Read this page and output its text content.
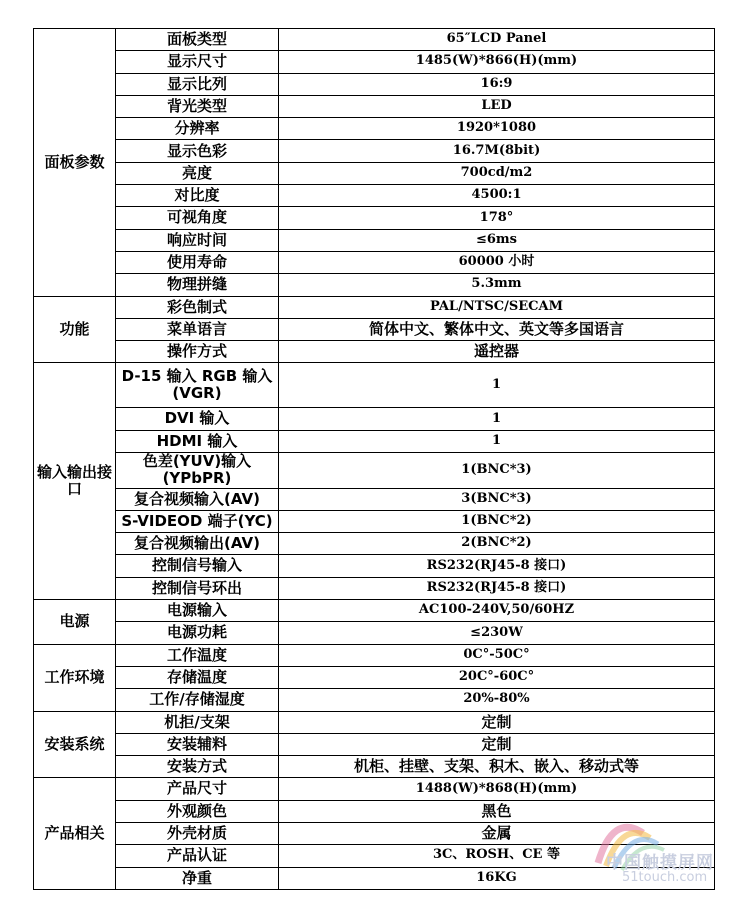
面板参数	面板类型	65″LCD Panel
	显示尺寸	1485(W)*866(H)(mm)
	显示比列	16:9
	背光类型	LED
	分辨率	1920*1080
	显示色彩	16.7M(8bit)
	亮度	700cd/m2
	对比度	4500:1
	可视角度	178°
	响应时间	≤6ms
	使用寿命	60000 小时
	物理拼缝	5.3mm
功能	彩色制式	PAL/NTSC/SECAM
	菜单语言	简体中文、繁体中文、英文等多国语言
	操作方式	遥控器
输入输出接口	D-15 输入 RGB 输入(VGR)	1
	DVI 输入	1
	HDMI 输入	1
	色差(YUV)输入(YPbPR)	1(BNC*3)
	复合视频输入(AV)	3(BNC*3)
	S-VIDEOD 端子(YC)	1(BNC*2)
	复合视频输出(AV)	2(BNC*2)
	控制信号输入	RS232(RJ45-8 接口)
	控制信号环出	RS232(RJ45-8 接口)
电源	电源输入	AC100-240V,50/60HZ
	电源功耗	≤230W
工作环境	工作温度	0C°-50C°
	存储温度	20C°-60C°
	工作/存储湿度	20%-80%
安装系统	机拒/支架	定制
	安装辅料	定制
	安装方式	机柜、挂壁、支架、积木、嵌入、移动式等
产品相关	产品尺寸	1488(W)*868(H)(mm)
	外观颜色	黑色
	外壳材质	金属
	产品认证	3C、ROSH、CE 等
	净重	16KG
中国触摸屏网
51touch.com
